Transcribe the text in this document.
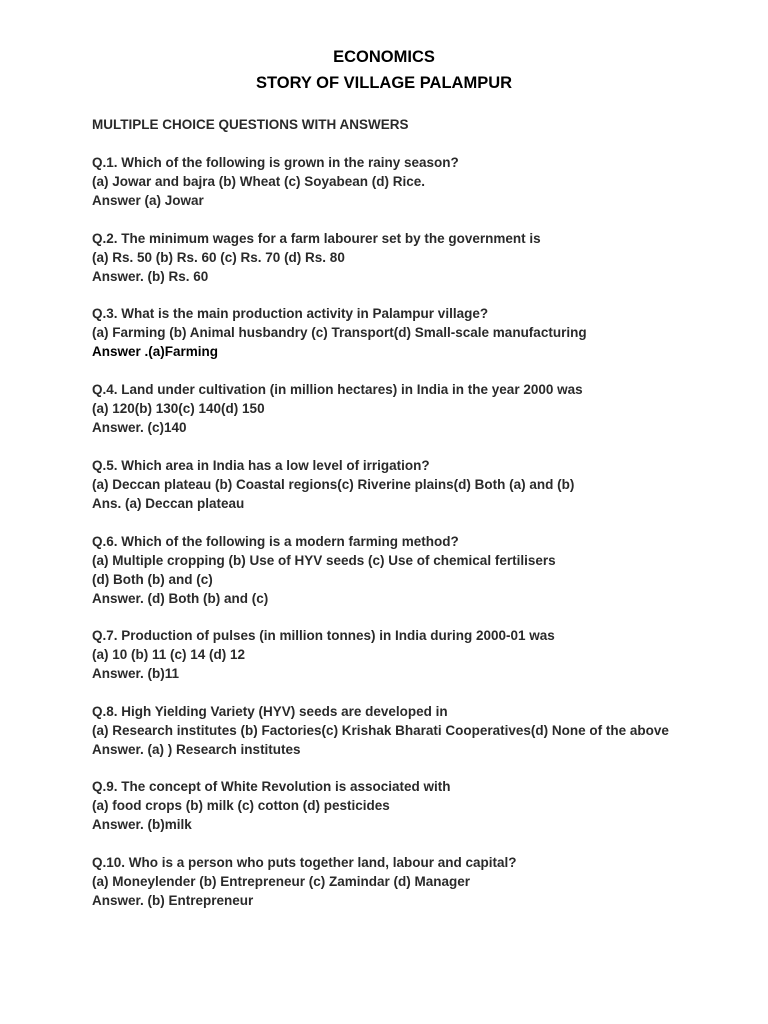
ECONOMICS
STORY OF VILLAGE PALAMPUR

MULTIPLE CHOICE QUESTIONS WITH ANSWERS

Q.1. Which of the following is grown in the rainy season?
(a) Jowar and bajra (b) Wheat (c) Soyabean (d) Rice.
Answer (a) Jowar
Q.2. The minimum wages for a farm labourer set by the government is
(a) Rs. 50 (b) Rs. 60 (c) Rs. 70 (d) Rs. 80
Answer. (b) Rs. 60
Q.3. What is the main production activity in Palampur village?
(a) Farming (b) Animal husbandry (c) Transport(d) Small-scale manufacturing
Answer .(a)Farming
Q.4. Land under cultivation (in million hectares) in India in the year 2000 was
(a) 120(b) 130(c) 140(d) 150
Answer. (c)140
Q.5. Which area in India has a low level of irrigation?
(a) Deccan plateau (b) Coastal regions(c) Riverine plains(d) Both (a) and (b)
Ans. (a) Deccan plateau
Q.6. Which of the following is a modern farming method?
(a) Multiple cropping (b) Use of HYV seeds (c) Use of chemical fertilisers
(d) Both (b) and (c)
Answer. (d) Both (b) and (c)
Q.7. Production of pulses (in million tonnes) in India during 2000-01 was
(a) 10 (b) 11 (c) 14 (d) 12
Answer. (b)11
Q.8. High Yielding Variety (HYV) seeds are developed in
(a) Research institutes (b) Factories(c) Krishak Bharati Cooperatives(d) None of the above
Answer. (a) ) Research institutes
Q.9. The concept of White Revolution is associated with
(a) food crops (b) milk (c) cotton (d) pesticides
Answer. (b)milk
Q.10. Who is a person who puts together land, labour and capital?
(a) Moneylender (b) Entrepreneur (c) Zamindar (d) Manager
Answer. (b) Entrepreneur
